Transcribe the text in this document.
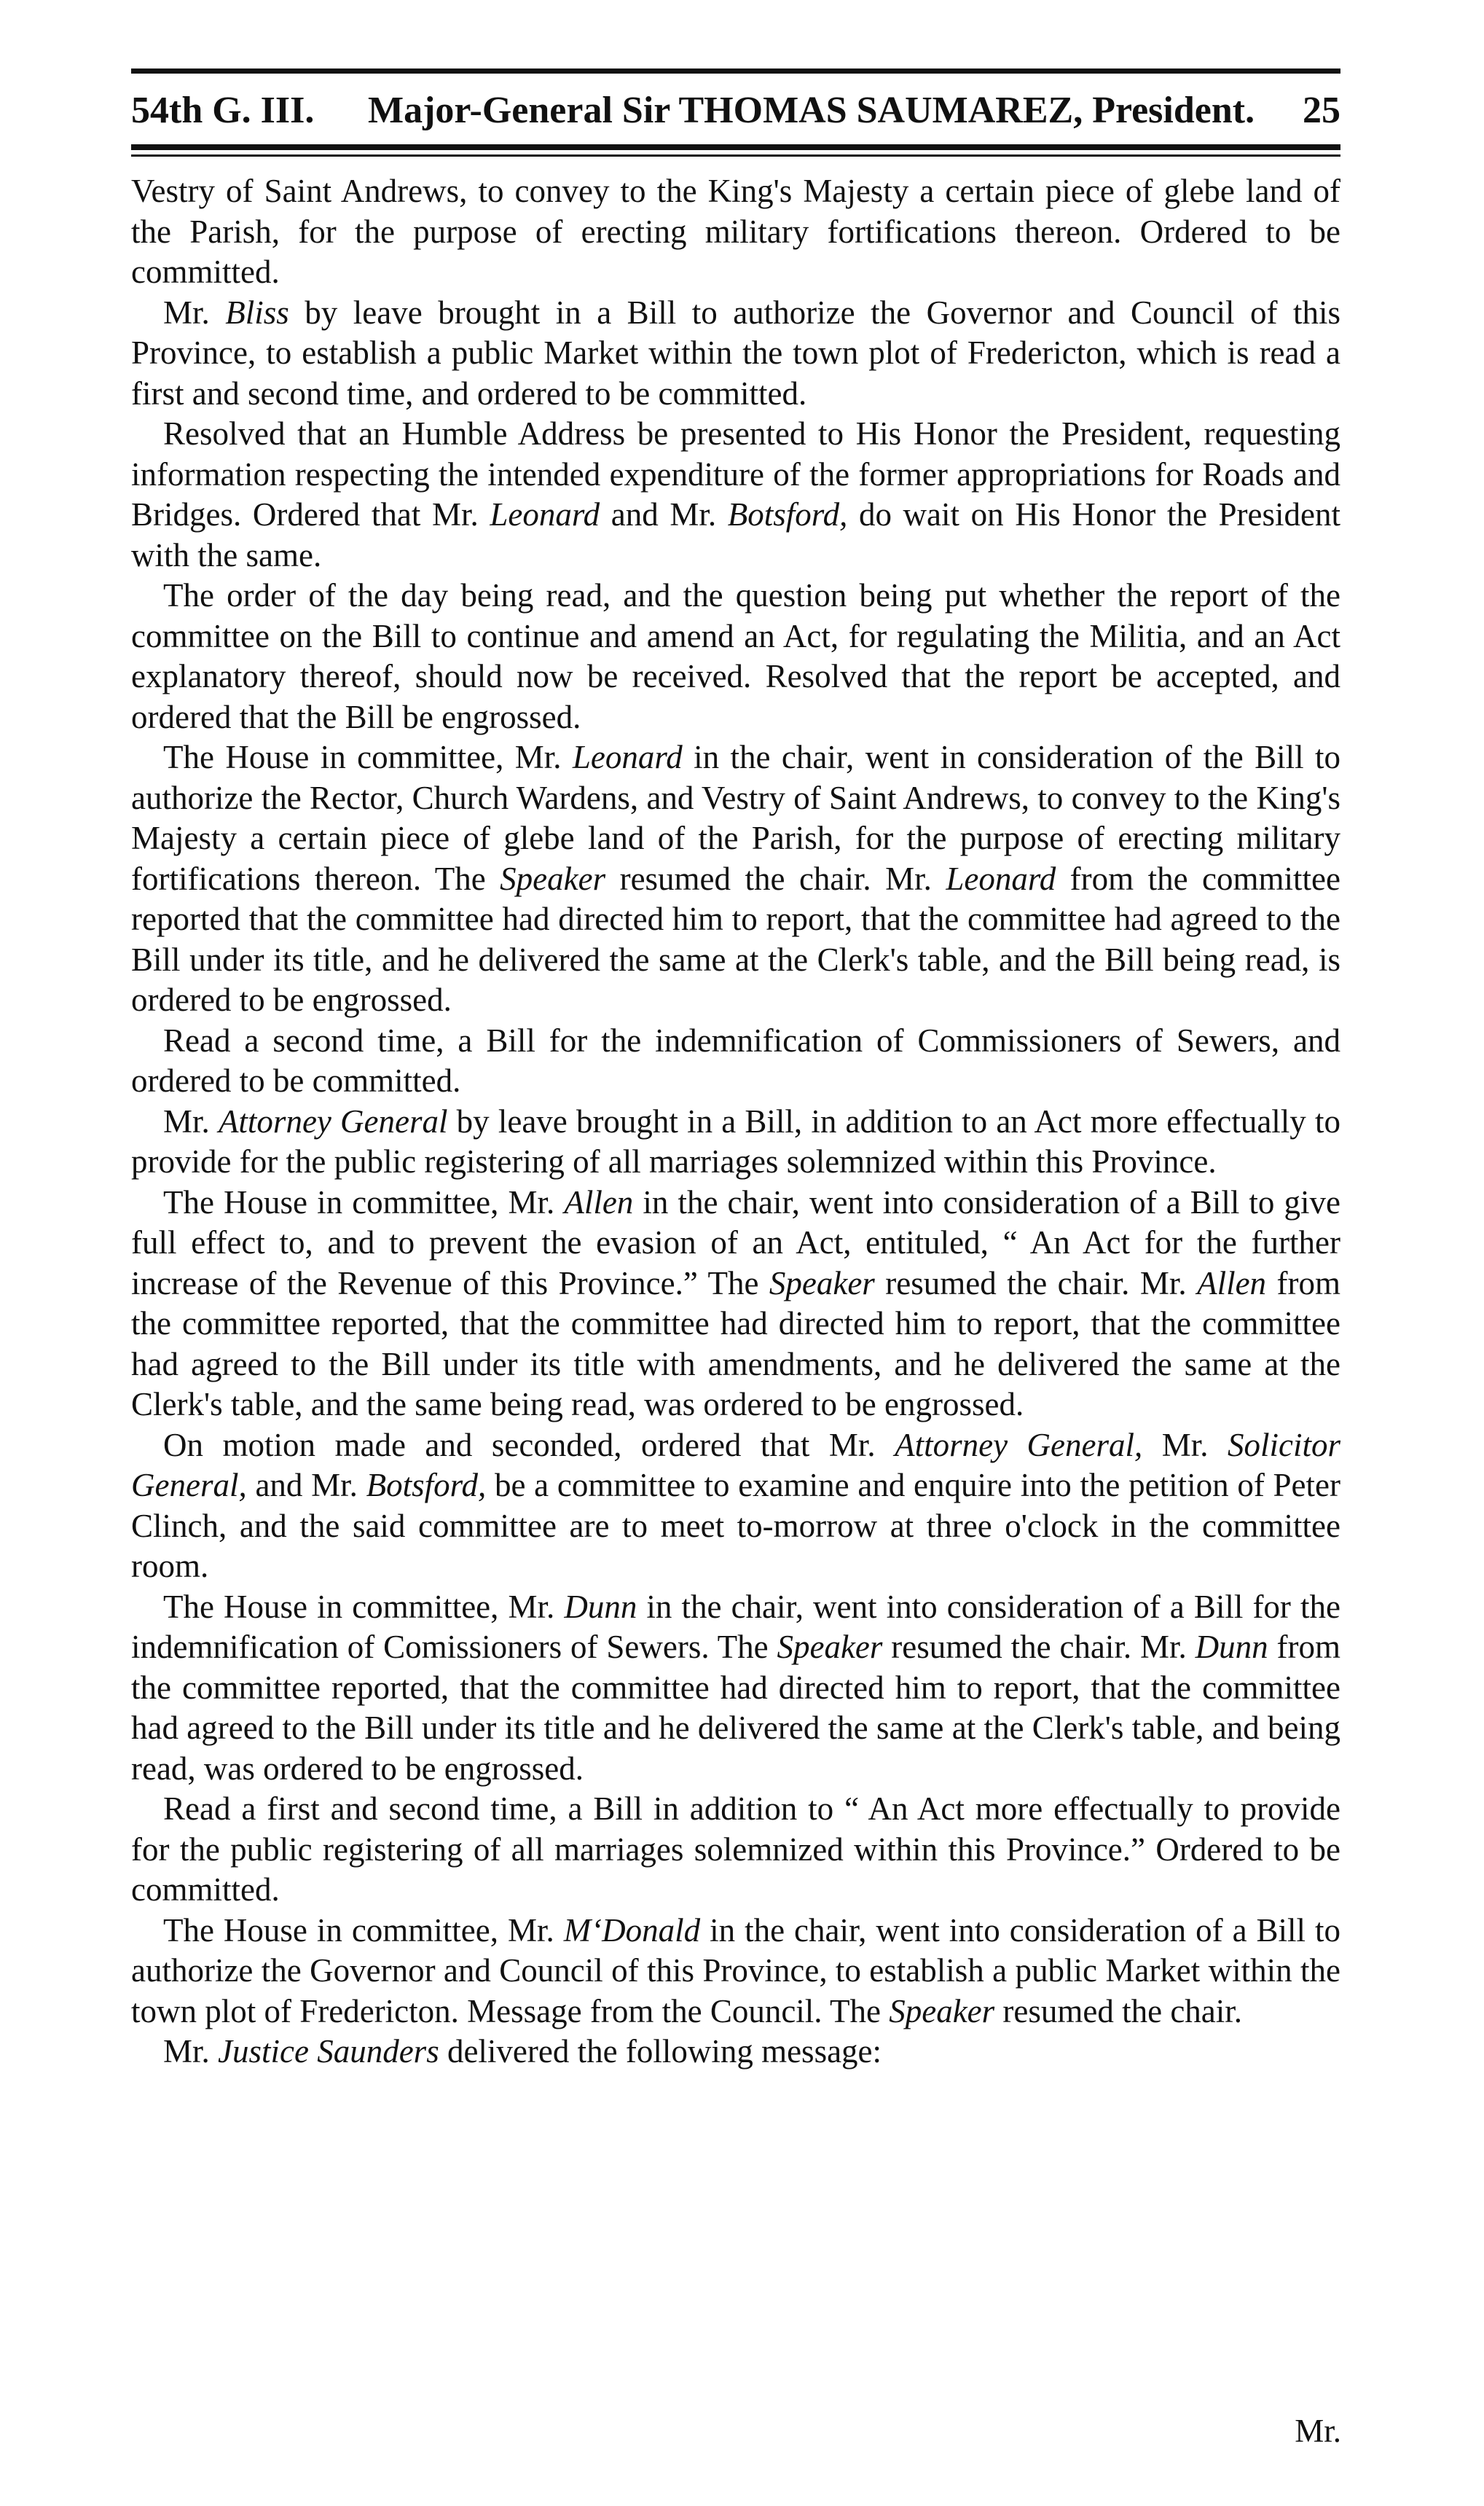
54th G. III. Major-General Sir THOMAS SAUMAREZ, President. 25

Vestry of Saint Andrews, to convey to the King's Majesty a certain piece of glebe land of the Parish, for the purpose of erecting military fortifications thereon. Ordered to be committed.

Mr. Bliss by leave brought in a Bill to authorize the Governor and Council of this Province, to establish a public Market within the town plot of Fredericton, which is read a first and second time, and ordered to be committed.

Resolved that an Humble Address be presented to His Honor the President, requesting information respecting the intended expenditure of the former appropriations for Roads and Bridges. Ordered that Mr. Leonard and Mr. Botsford, do wait on His Honor the President with the same.

The order of the day being read, and the question being put whether the report of the committee on the Bill to continue and amend an Act, for regulating the Militia, and an Act explanatory thereof, should now be received. Resolved that the report be accepted, and ordered that the Bill be engrossed.

The House in committee, Mr. Leonard in the chair, went in consideration of the Bill to authorize the Rector, Church Wardens, and Vestry of Saint Andrews, to convey to the King's Majesty a certain piece of glebe land of the Parish, for the purpose of erecting military fortifications thereon. The Speaker resumed the chair. Mr. Leonard from the committee reported that the committee had directed him to report, that the committee had agreed to the Bill under its title, and he delivered the same at the Clerk's table, and the Bill being read, is ordered to be engrossed.

Read a second time, a Bill for the indemnification of Commissioners of Sewers, and ordered to be committed.

Mr. Attorney General by leave brought in a Bill, in addition to an Act more effectually to provide for the public registering of all marriages solemnized within this Province.

The House in committee, Mr. Allen in the chair, went into consideration of a Bill to give full effect to, and to prevent the evasion of an Act, entituled, “ An Act for the further increase of the Revenue of this Province.” The Speaker resumed the chair. Mr. Allen from the committee reported, that the committee had directed him to report, that the committee had agreed to the Bill under its title with amendments, and he delivered the same at the Clerk's table, and the same being read, was ordered to be engrossed.

On motion made and seconded, ordered that Mr. Attorney General, Mr. Solicitor General, and Mr. Botsford, be a committee to examine and enquire into the petition of Peter Clinch, and the said committee are to meet to-morrow at three o'clock in the committee room.

The House in committee, Mr. Dunn in the chair, went into consideration of a Bill for the indemnification of Comissioners of Sewers. The Speaker resumed the chair. Mr. Dunn from the committee reported, that the committee had directed him to report, that the committee had agreed to the Bill under its title and he delivered the same at the Clerk's table, and being read, was ordered to be engrossed.

Read a first and second time, a Bill in addition to “ An Act more effectually to provide for the public registering of all marriages solemnized within this Province.” Ordered to be committed.

The House in committee, Mr. M‘Donald in the chair, went into consideration of a Bill to authorize the Governor and Council of this Province, to establish a public Market within the town plot of Fredericton. Message from the Council. The Speaker resumed the chair.

Mr. Justice Saunders delivered the following message:

Mr.
